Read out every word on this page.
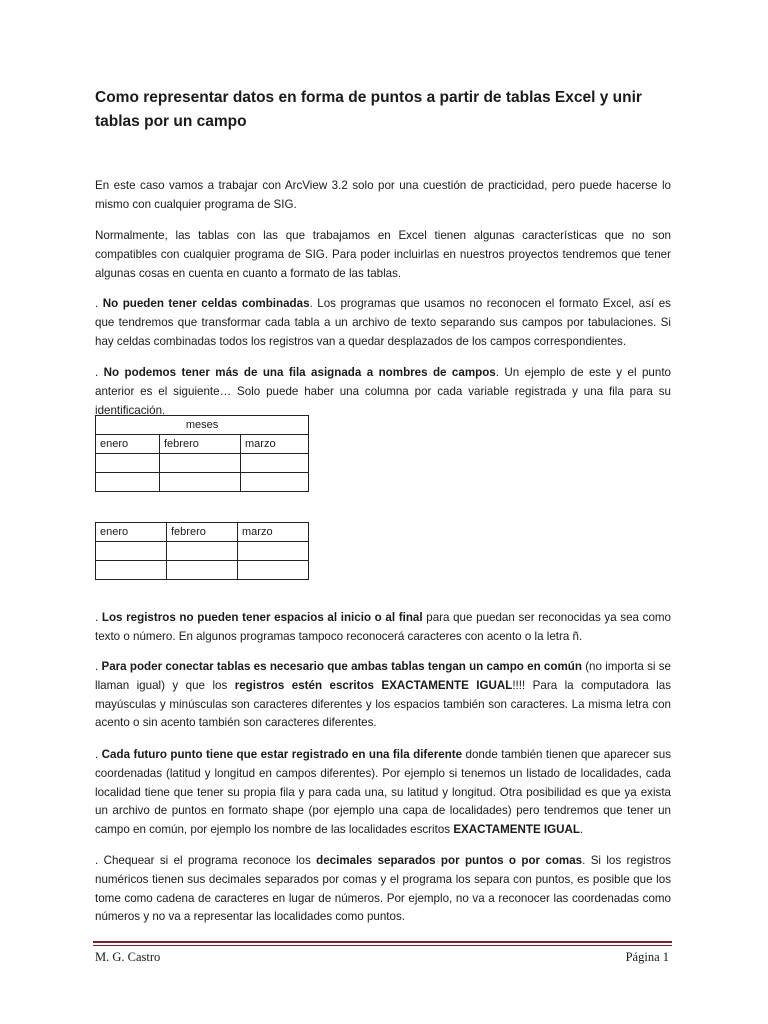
Como representar datos en forma de puntos a partir de tablas Excel y unir tablas por un campo

En este caso vamos a trabajar con ArcView 3.2 solo por una cuestión de practicidad, pero puede hacerse lo mismo con cualquier programa de SIG.

Normalmente, las tablas con las que trabajamos en Excel tienen algunas características que no son compatibles con cualquier programa de SIG. Para poder incluirlas en nuestros proyectos tendremos que tener algunas cosas en cuenta en cuanto a formato de las tablas.

. No pueden tener celdas combinadas. Los programas que usamos no reconocen el formato Excel, así es que tendremos que transformar cada tabla a un archivo de texto separando sus campos por tabulaciones. Si hay celdas combinadas todos los registros van a quedar desplazados de los campos correspondientes.

. No podemos tener más de una fila asignada a nombres de campos. Un ejemplo de este y el punto anterior es el siguiente… Solo puede haber una columna por cada variable registrada y una fila para su identificación.

meses		
enero	febrero	marzo

enero	febrero	marzo

. Los registros no pueden tener espacios al inicio o al final para que puedan ser reconocidas ya sea como texto o número. En algunos programas tampoco reconocerá caracteres con acento o la letra ñ.

. Para poder conectar tablas es necesario que ambas tablas tengan un campo en común (no importa si se llaman igual) y que los registros estén escritos EXACTAMENTE IGUAL!!!! Para la computadora las mayúsculas y minúsculas son caracteres diferentes y los espacios también son caracteres. La misma letra con acento o sin acento también son caracteres diferentes.

. Cada futuro punto tiene que estar registrado en una fila diferente donde también tienen que aparecer sus coordenadas (latitud y longitud en campos diferentes). Por ejemplo si tenemos un listado de localidades, cada localidad tiene que tener su propia fila y para cada una, su latitud y longitud. Otra posibilidad es que ya exista un archivo de puntos en formato shape (por ejemplo una capa de localidades) pero tendremos que tener un campo en común, por ejemplo los nombre de las localidades escritos EXACTAMENTE IGUAL.

. Chequear si el programa reconoce los decimales separados por puntos o por comas. Si los registros numéricos tienen sus decimales separados por comas y el programa los separa con puntos, es posible que los tome como cadena de caracteres en lugar de números. Por ejemplo, no va a reconocer las coordenadas como números y no va a representar las localidades como puntos.

M. G. Castro	Página 1
